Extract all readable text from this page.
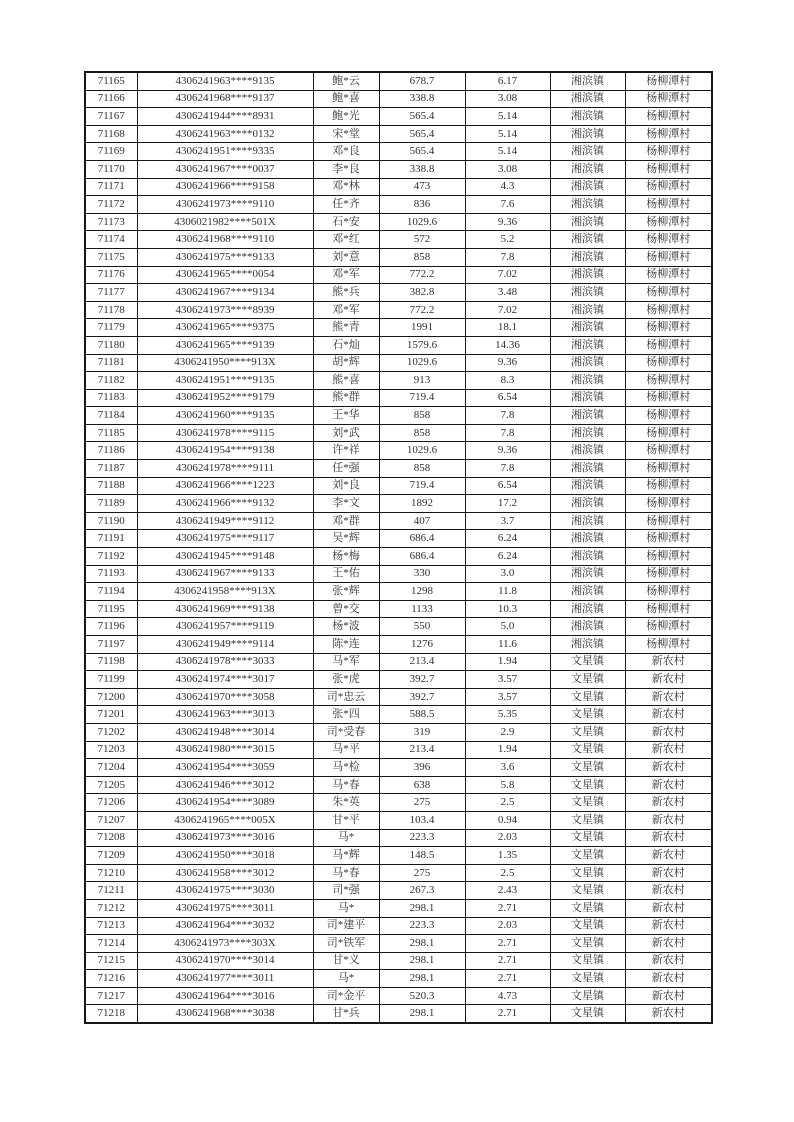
71165	4306241963****9135	鲍*云	678.7	6.17	湘滨镇	杨柳潭村
71166	4306241968****9137	鲍*喜	338.8	3.08	湘滨镇	杨柳潭村
71167	4306241944****8931	鲍*光	565.4	5.14	湘滨镇	杨柳潭村
71168	4306241963****0132	宋*堂	565.4	5.14	湘滨镇	杨柳潭村
71169	4306241951****9335	邓*良	565.4	5.14	湘滨镇	杨柳潭村
71170	4306241967****0037	李*良	338.8	3.08	湘滨镇	杨柳潭村
71171	4306241966****9158	邓*林	473	4.3	湘滨镇	杨柳潭村
71172	4306241973****9110	任*齐	836	7.6	湘滨镇	杨柳潭村
71173	4306021982****501X	石*安	1029.6	9.36	湘滨镇	杨柳潭村
71174	4306241968****9110	邓*红	572	5.2	湘滨镇	杨柳潭村
71175	4306241975****9133	刘*意	858	7.8	湘滨镇	杨柳潭村
71176	4306241965****0054	邓*军	772.2	7.02	湘滨镇	杨柳潭村
71177	4306241967****9134	熊*兵	382.8	3.48	湘滨镇	杨柳潭村
71178	4306241973****8939	邓*军	772.2	7.02	湘滨镇	杨柳潭村
71179	4306241965****9375	熊*青	1991	18.1	湘滨镇	杨柳潭村
71180	4306241965****9139	石*灿	1579.6	14.36	湘滨镇	杨柳潭村
71181	4306241950****913X	胡*辉	1029.6	9.36	湘滨镇	杨柳潭村
71182	4306241951****9135	熊*喜	913	8.3	湘滨镇	杨柳潭村
71183	4306241952****9179	熊*群	719.4	6.54	湘滨镇	杨柳潭村
71184	4306241960****9135	王*华	858	7.8	湘滨镇	杨柳潭村
71185	4306241978****9115	刘*武	858	7.8	湘滨镇	杨柳潭村
71186	4306241954****9138	许*祥	1029.6	9.36	湘滨镇	杨柳潭村
71187	4306241978****9111	任*强	858	7.8	湘滨镇	杨柳潭村
71188	4306241966****1223	刘*良	719.4	6.54	湘滨镇	杨柳潭村
71189	4306241966****9132	李*文	1892	17.2	湘滨镇	杨柳潭村
71190	4306241949****9112	邓*群	407	3.7	湘滨镇	杨柳潭村
71191	4306241975****9117	吴*辉	686.4	6.24	湘滨镇	杨柳潭村
71192	4306241945****9148	杨*梅	686.4	6.24	湘滨镇	杨柳潭村
71193	4306241967****9133	王*佑	330	3.0	湘滨镇	杨柳潭村
71194	4306241958****913X	张*辉	1298	11.8	湘滨镇	杨柳潭村
71195	4306241969****9138	曾*交	1133	10.3	湘滨镇	杨柳潭村
71196	4306241957****9119	杨*波	550	5.0	湘滨镇	杨柳潭村
71197	4306241949****9114	陈*连	1276	11.6	湘滨镇	杨柳潭村
71198	4306241978****3033	马*军	213.4	1.94	文星镇	新农村
71199	4306241974****3017	张*虎	392.7	3.57	文星镇	新农村
71200	4306241970****3058	司*忠云	392.7	3.57	文星镇	新农村
71201	4306241963****3013	张*四	588.5	5.35	文星镇	新农村
71202	4306241948****3014	司*受春	319	2.9	文星镇	新农村
71203	4306241980****3015	马*平	213.4	1.94	文星镇	新农村
71204	4306241954****3059	马*检	396	3.6	文星镇	新农村
71205	4306241946****3012	马*春	638	5.8	文星镇	新农村
71206	4306241954****3089	朱*英	275	2.5	文星镇	新农村
71207	4306241965****005X	甘*平	103.4	0.94	文星镇	新农村
71208	4306241973****3016	马*	223.3	2.03	文星镇	新农村
71209	4306241950****3018	马*辉	148.5	1.35	文星镇	新农村
71210	4306241958****3012	马*春	275	2.5	文星镇	新农村
71211	4306241975****3030	司*强	267.3	2.43	文星镇	新农村
71212	4306241975****3011	马*	298.1	2.71	文星镇	新农村
71213	4306241964****3032	司*建平	223.3	2.03	文星镇	新农村
71214	4306241973****303X	司*铁军	298.1	2.71	文星镇	新农村
71215	4306241970****3014	甘*义	298.1	2.71	文星镇	新农村
71216	4306241977****3011	马*	298.1	2.71	文星镇	新农村
71217	4306241964****3016	司*金平	520.3	4.73	文星镇	新农村
71218	4306241968****3038	甘*兵	298.1	2.71	文星镇	新农村
